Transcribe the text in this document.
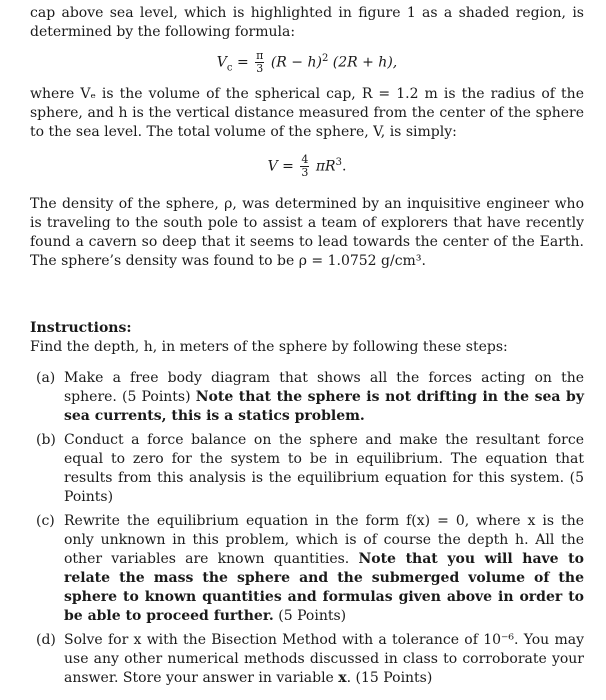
cap above sea level, which is highlighted in figure 1 as a shaded region, is determined by the following formula:

$V_c = \frac{\pi}{3} (R - h)^2$ (2R + h),

where Vₑ is the volume of the spherical cap, R = 1.2 m is the radius of the sphere, and h is the vertical distance measured from the center of the sphere to the sea level. The total volume of the sphere, V, is simply:

$V = \frac{4}{3} \pi R^3$.

The density of the sphere, ρ, was determined by an inquisitive engineer who is traveling to the south pole to assist a team of explorers that have recently found a cavern so deep that it seems to lead towards the center of the Earth. The sphere’s density was found to be ρ = 1.0752 g/cm³.

Instructions:

Find the depth, h, in meters of the sphere by following these steps:

(a) Make a free body diagram that shows all the forces acting on the sphere. (5 Points) Note that the sphere is not drifting in the sea by sea currents, this is a statics problem.
(b) Conduct a force balance on the sphere and make the resultant force equal to zero for the system to be in equilibrium. The equation that results from this analysis is the equilibrium equation for this system. (5 Points)
(c) Rewrite the equilibrium equation in the form f(x) = 0, where x is the only unknown in this problem, which is of course the depth h. All the other variables are known quantities. Note that you will have to relate the mass the sphere and the submerged volume of the sphere to known quantities and formulas given above in order to be able to proceed further. (5 Points)
(d) Solve for x with the Bisection Method with a tolerance of 10⁻⁶. You may use any other numerical methods discussed in class to corroborate your answer. Store your answer in variable x. (15 Points)
